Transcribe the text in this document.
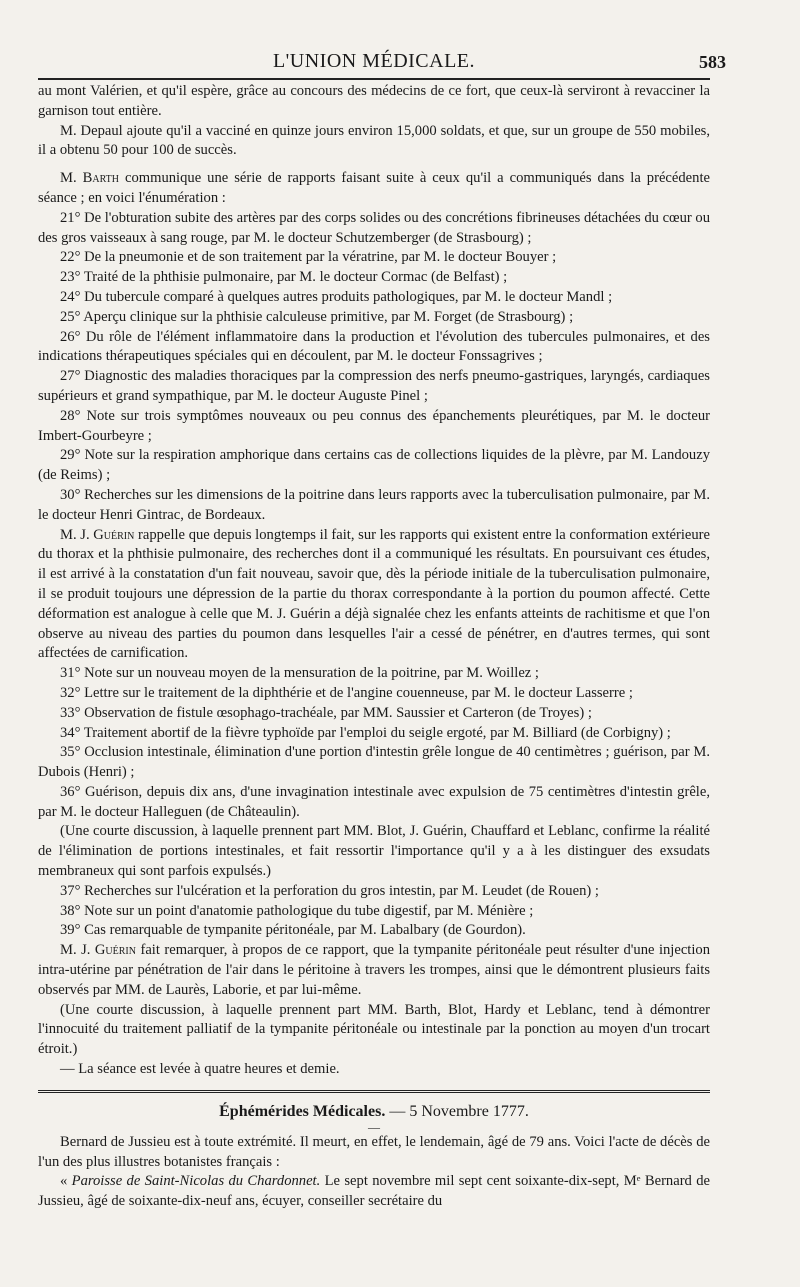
L'UNION MÉDICALE.	583

au mont Valérien, et qu'il espère, grâce au concours des médecins de ce fort, que ceux-là serviront à revacciner la garnison tout entière.

M. Depaul ajoute qu'il a vacciné en quinze jours environ 15,000 soldats, et que, sur un groupe de 550 mobiles, il a obtenu 50 pour 100 de succès.

M. Barth communique une série de rapports faisant suite à ceux qu'il a communiqués dans la précédente séance ; en voici l'énumération :

21° De l'obturation subite des artères par des corps solides ou des concrétions fibrineuses détachées du cœur ou des gros vaisseaux à sang rouge, par M. le docteur Schutzemberger (de Strasbourg) ;

22° De la pneumonie et de son traitement par la vératrine, par M. le docteur Bouyer ;

23° Traité de la phthisie pulmonaire, par M. le docteur Cormac (de Belfast) ;

24° Du tubercule comparé à quelques autres produits pathologiques, par M. le docteur Mandl ;

25° Aperçu clinique sur la phthisie calculeuse primitive, par M. Forget (de Strasbourg) ;

26° Du rôle de l'élément inflammatoire dans la production et l'évolution des tubercules pulmonaires, et des indications thérapeutiques spéciales qui en découlent, par M. le docteur Fonssagrives ;

27° Diagnostic des maladies thoraciques par la compression des nerfs pneumo-gastriques, laryngés, cardiaques supérieurs et grand sympathique, par M. le docteur Auguste Pinel ;

28° Note sur trois symptômes nouveaux ou peu connus des épanchements pleurétiques, par M. le docteur Imbert-Gourbeyre ;

29° Note sur la respiration amphorique dans certains cas de collections liquides de la plèvre, par M. Landouzy (de Reims) ;

30° Recherches sur les dimensions de la poitrine dans leurs rapports avec la tuberculisation pulmonaire, par M. le docteur Henri Gintrac, de Bordeaux.

M. J. Guérin rappelle que depuis longtemps il fait, sur les rapports qui existent entre la conformation extérieure du thorax et la phthisie pulmonaire, des recherches dont il a communiqué les résultats. En poursuivant ces études, il est arrivé à la constatation d'un fait nouveau, savoir que, dès la période initiale de la tuberculisation pulmonaire, il se produit toujours une dépression de la partie du thorax correspondante à la portion du poumon affecté. Cette déformation est analogue à celle que M. J. Guérin a déjà signalée chez les enfants atteints de rachitisme et que l'on observe au niveau des parties du poumon dans lesquelles l'air a cessé de pénétrer, en d'autres termes, qui sont affectées de carnification.

31° Note sur un nouveau moyen de la mensuration de la poitrine, par M. Woillez ;

32° Lettre sur le traitement de la diphthérie et de l'angine couenneuse, par M. le docteur Lasserre ;

33° Observation de fistule œsophago-trachéale, par MM. Saussier et Carteron (de Troyes) ;

34° Traitement abortif de la fièvre typhoïde par l'emploi du seigle ergoté, par M. Billiard (de Corbigny) ;

35° Occlusion intestinale, élimination d'une portion d'intestin grêle longue de 40 centimètres ; guérison, par M. Dubois (Henri) ;

36° Guérison, depuis dix ans, d'une invagination intestinale avec expulsion de 75 centimètres d'intestin grêle, par M. le docteur Halleguen (de Châteaulin).

(Une courte discussion, à laquelle prennent part MM. Blot, J. Guérin, Chauffard et Leblanc, confirme la réalité de l'élimination de portions intestinales, et fait ressortir l'importance qu'il y a à les distinguer des exsudats membraneux qui sont parfois expulsés.)

37° Recherches sur l'ulcération et la perforation du gros intestin, par M. Leudet (de Rouen) ;

38° Note sur un point d'anatomie pathologique du tube digestif, par M. Ménière ;

39° Cas remarquable de tympanite péritonéale, par M. Labalbary (de Gourdon).

M. J. Guérin fait remarquer, à propos de ce rapport, que la tympanite péritonéale peut résulter d'une injection intra-utérine par pénétration de l'air dans le péritoine à travers les trompes, ainsi que le démontrent plusieurs faits observés par MM. de Laurès, Laborie, et par lui-même.

(Une courte discussion, à laquelle prennent part MM. Barth, Blot, Hardy et Leblanc, tend à démontrer l'innocuité du traitement palliatif de la tympanite péritonéale ou intestinale par la ponction au moyen d'un trocart étroit.)

— La séance est levée à quatre heures et demie.

Éphémérides Médicales. — 5 Novembre 1777.
—

Bernard de Jussieu est à toute extrémité. Il meurt, en effet, le lendemain, âgé de 79 ans. Voici l'acte de décès de l'un des plus illustres botanistes français :

« Paroisse de Saint-Nicolas du Chardonnet. Le sept novembre mil sept cent soixante-dix-sept, Mᵉ Bernard de Jussieu, âgé de soixante-dix-neuf ans, écuyer, conseiller secrétaire du
